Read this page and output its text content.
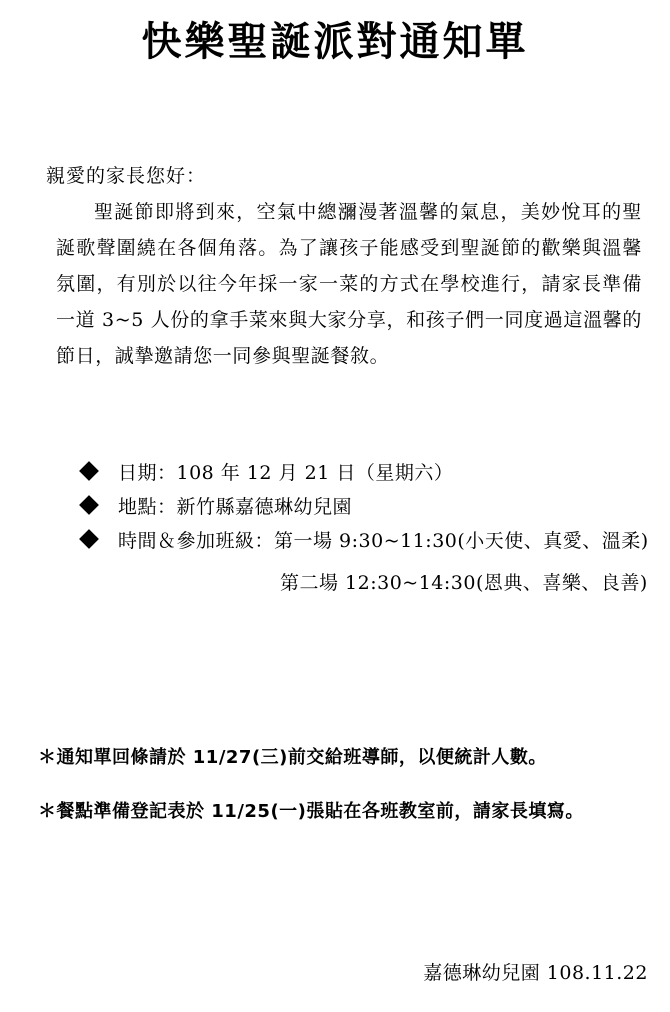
快樂聖誕派對通知單
親愛的家長您好：
聖誕節即將到來，空氣中總瀰漫著溫馨的氣息，美妙悅耳的聖誕歌聲圍繞在各個角落。為了讓孩子能感受到聖誕節的歡樂與溫馨氛圍，有別於以往今年採一家一菜的方式在學校進行，請家長準備一道 3~5 人份的拿手菜來與大家分享，和孩子們一同度過這溫馨的節日，誠摯邀請您一同參與聖誕餐敘。
日期：108 年 12 月 21 日（星期六）
地點：新竹縣嘉德琳幼兒園
時間＆參加班級：第一場 9:30~11:30(小天使、真愛、溫柔)
第二場 12:30~14:30(恩典、喜樂、良善)
＊通知單回條請於 11/27(三)前交給班導師，以便統計人數。
＊餐點準備登記表於 11/25(一)張貼在各班教室前，請家長填寫。
嘉德琳幼兒園 108.11.22
